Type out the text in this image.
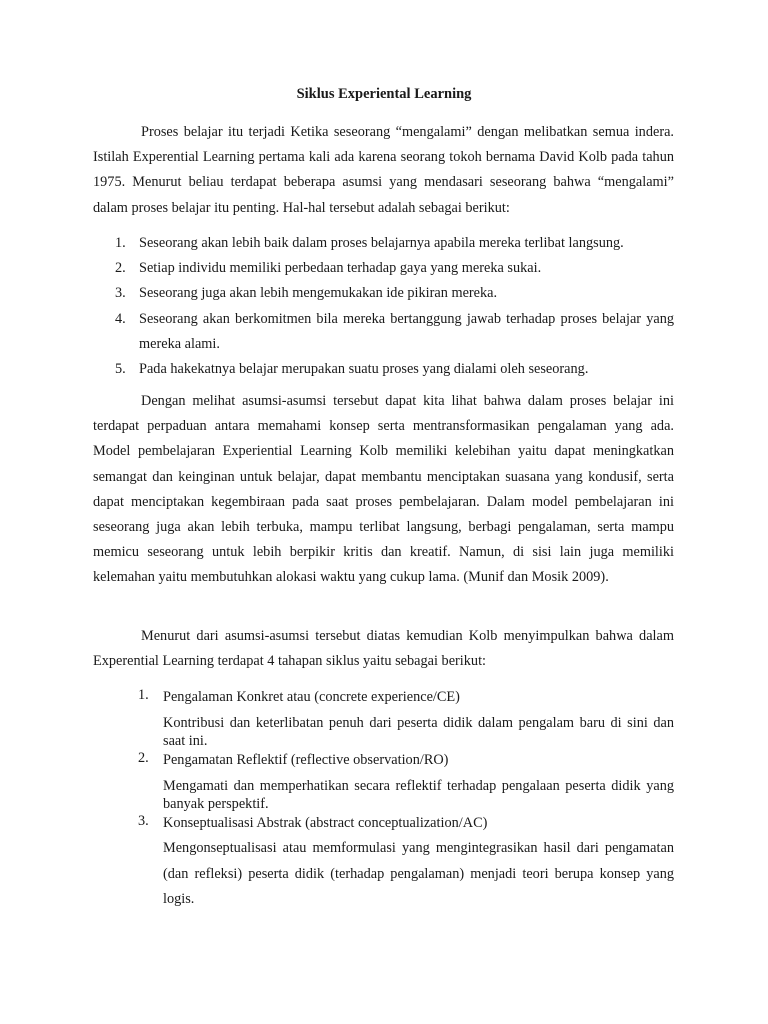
Siklus Experiental Learning
Proses belajar itu terjadi Ketika seseorang “mengalami” dengan melibatkan semua indera. Istilah Experential Learning pertama kali ada karena seorang tokoh bernama David Kolb pada tahun 1975. Menurut beliau terdapat beberapa asumsi yang mendasari seseorang bahwa “mengalami” dalam proses belajar itu penting. Hal-hal tersebut adalah sebagai berikut:
1. Seseorang akan lebih baik dalam proses belajarnya apabila mereka terlibat langsung.
2. Setiap individu memiliki perbedaan terhadap gaya yang mereka sukai.
3. Seseorang juga akan lebih mengemukakan ide pikiran mereka.
4. Seseorang akan berkomitmen bila mereka bertanggung jawab terhadap proses belajar yang mereka alami.
5. Pada hakekatnya belajar merupakan suatu proses yang dialami oleh seseorang.
Dengan melihat asumsi-asumsi tersebut dapat kita lihat bahwa dalam proses belajar ini terdapat perpaduan antara memahami konsep serta mentransformasikan pengalaman yang ada. Model pembelajaran Experiential Learning Kolb memiliki kelebihan yaitu dapat meningkatkan semangat dan keinginan untuk belajar, dapat membantu menciptakan suasana yang kondusif, serta dapat menciptakan kegembiraan pada saat proses pembelajaran. Dalam model pembelajaran ini seseorang juga akan lebih terbuka, mampu terlibat langsung, berbagi pengalaman, serta mampu memicu seseorang untuk lebih berpikir kritis dan kreatif. Namun, di sisi lain juga memiliki kelemahan yaitu membutuhkan alokasi waktu yang cukup lama. (Munif dan Mosik 2009).
Menurut dari asumsi-asumsi tersebut diatas kemudian Kolb menyimpulkan bahwa dalam Experential Learning terdapat 4 tahapan siklus yaitu sebagai berikut:
1. Pengalaman Konkret atau (concrete experience/CE)
Kontribusi dan keterlibatan penuh dari peserta didik dalam pengalam baru di sini dan saat ini.
2. Pengamatan Reflektif (reflective observation/RO)
Mengamati dan memperhatikan secara reflektif terhadap pengalaan peserta didik yang banyak perspektif.
3. Konseptualisasi Abstrak (abstract conceptualization/AC)
Mengonseptualisasi atau memformulasi yang mengintegrasikan hasil dari pengamatan (dan refleksi) peserta didik (terhadap pengalaman) menjadi teori berupa konsep yang logis.
